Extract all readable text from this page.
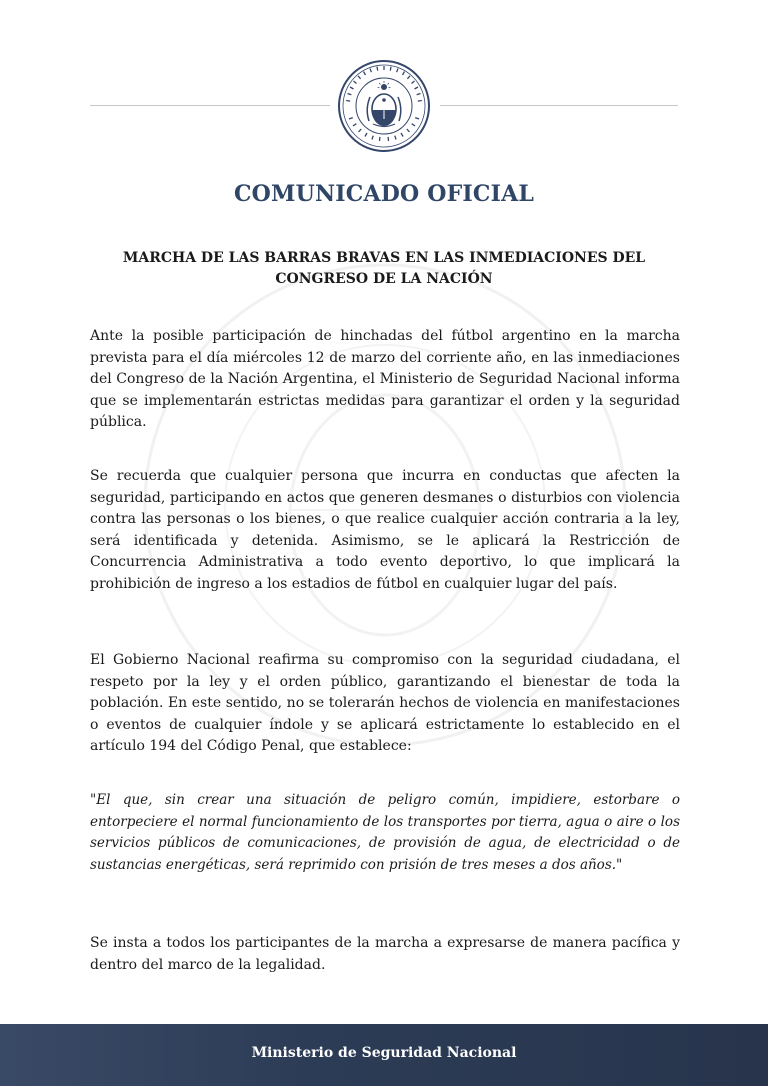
COMUNICADO OFICIAL
MARCHA DE LAS BARRAS BRAVAS EN LAS INMEDIACIONES DEL CONGRESO DE LA NACIÓN

Ante la posible participación de hinchadas del fútbol argentino en la marcha prevista para el día miércoles 12 de marzo del corriente año, en las inmediaciones del Congreso de la Nación Argentina, el Ministerio de Seguridad Nacional informa que se implementarán estrictas medidas para garantizar el orden y la seguridad pública.

Se recuerda que cualquier persona que incurra en conductas que afecten la seguridad, participando en actos que generen desmanes o disturbios con violencia contra las personas o los bienes, o que realice cualquier acción contraria a la ley, será identificada y detenida. Asimismo, se le aplicará la Restricción de Concurrencia Administrativa a todo evento deportivo, lo que implicará la prohibición de ingreso a los estadios de fútbol en cualquier lugar del país.

El Gobierno Nacional reafirma su compromiso con la seguridad ciudadana, el respeto por la ley y el orden público, garantizando el bienestar de toda la población. En este sentido, no se tolerarán hechos de violencia en manifestaciones o eventos de cualquier índole y se aplicará estrictamente lo establecido en el artículo 194 del Código Penal, que establece:

"El que, sin crear una situación de peligro común, impidiere, estorbare o entorpeciere el normal funcionamiento de los transportes por tierra, agua o aire o los servicios públicos de comunicaciones, de provisión de agua, de electricidad o de sustancias energéticas, será reprimido con prisión de tres meses a dos años."

Se insta a todos los participantes de la marcha a expresarse de manera pacífica y dentro del marco de la legalidad.

Ministerio de Seguridad Nacional
